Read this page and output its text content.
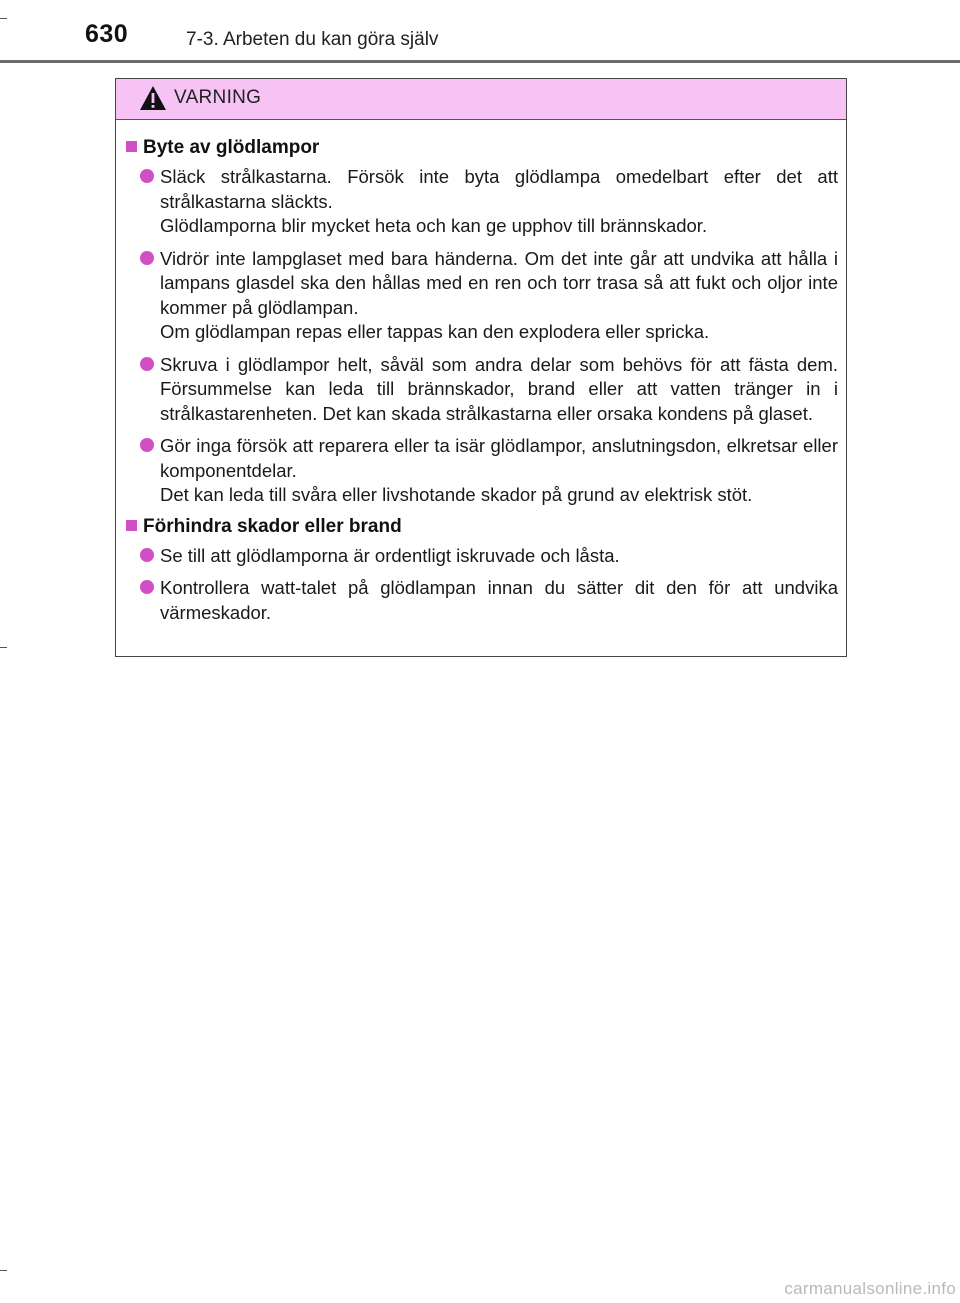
630	7-3. Arbeten du kan göra själv
VARNING
Byte av glödlampor

Släck strålkastarna. Försök inte byta glödlampa omedelbart efter det att strålkastarna släckts.

Glödlamporna blir mycket heta och kan ge upphov till brännskador.

Vidrör inte lampglaset med bara händerna. Om det inte går att undvika att hålla i lampans glasdel ska den hållas med en ren och torr trasa så att fukt och oljor inte kommer på glödlampan.

Om glödlampan repas eller tappas kan den explodera eller spricka.

Skruva i glödlampor helt, såväl som andra delar som behövs för att fästa dem. Försummelse kan leda till brännskador, brand eller att vatten tränger in i strålkastarenheten. Det kan skada strålkastarna eller orsaka kondens på glaset.

Gör inga försök att reparera eller ta isär glödlampor, anslutningsdon, elkretsar eller komponentdelar.

Det kan leda till svåra eller livshotande skador på grund av elektrisk stöt.

Förhindra skador eller brand

Se till att glödlamporna är ordentligt iskruvade och låsta.

Kontrollera watt-talet på glödlampan innan du sätter dit den för att undvika värmeskador.

carmanualsonline.info
